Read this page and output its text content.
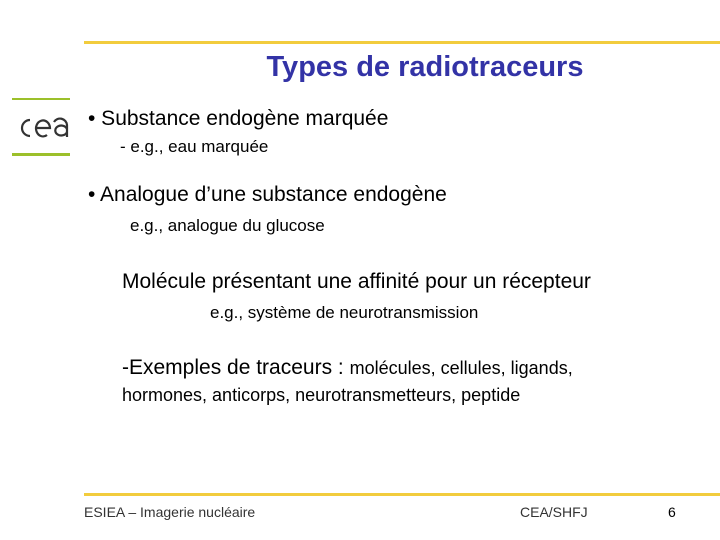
Types de radiotraceurs
• Substance endogène marquée
- e.g., eau marquée
• Analogue d’une substance endogène
e.g., analogue du glucose
Molécule présentant une affinité pour un récepteur
e.g., système de neurotransmission
-Exemples de traceurs : molécules, cellules, ligands,
hormones, anticorps, neurotransmetteurs, peptide
ESIEA – Imagerie nucléaire	CEA/SHFJ	6
